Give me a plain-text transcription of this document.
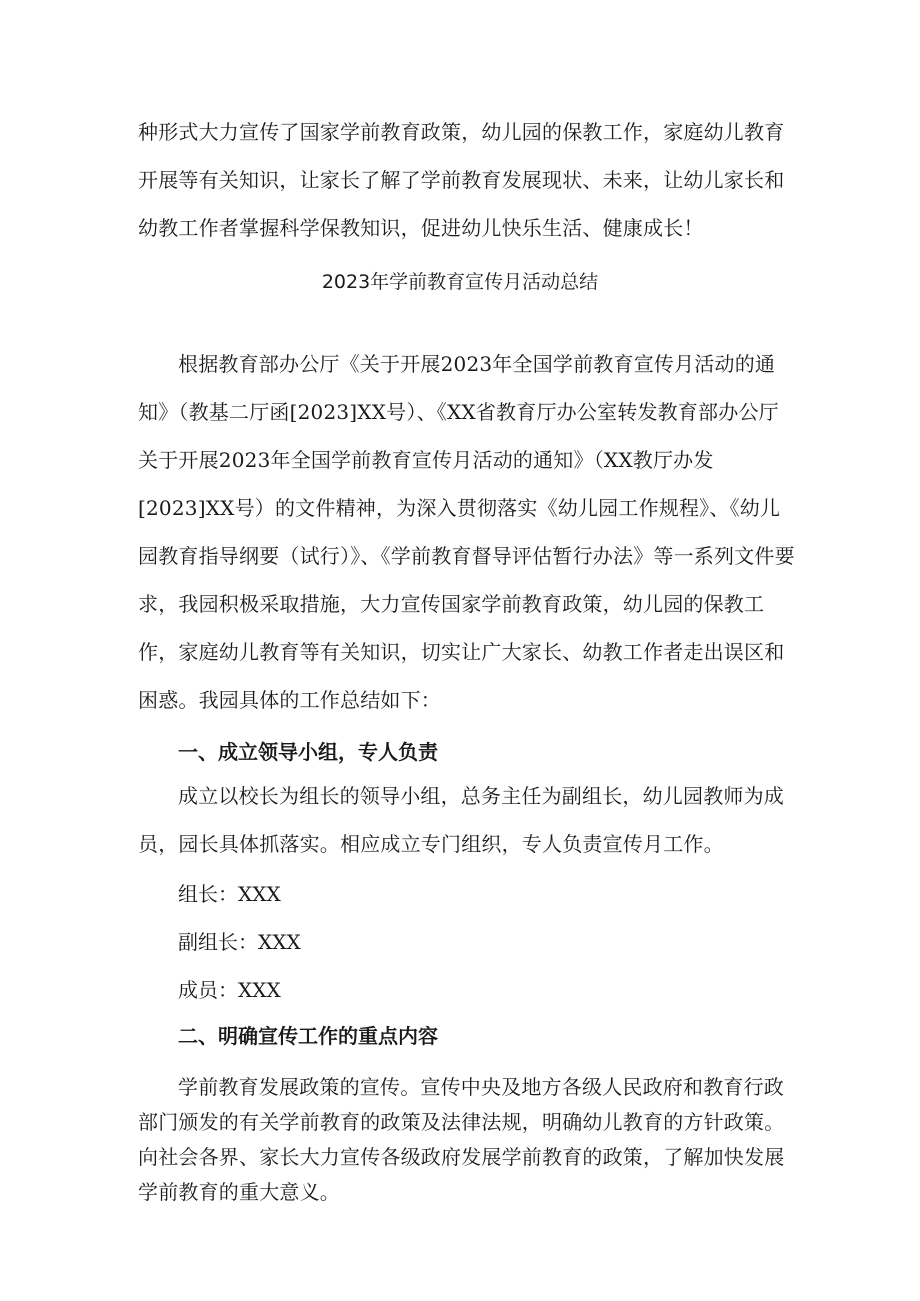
种形式大力宣传了国家学前教育政策，幼儿园的保教工作，家庭幼儿教育开展等有关知识，让家长了解了学前教育发展现状、未来，让幼儿家长和幼教工作者掌握科学保教知识，促进幼儿快乐生活、健康成长！

2023年学前教育宣传月活动总结

根据教育部办公厅《关于开展2023年全国学前教育宣传月活动的通知》（教基二厅函[2023]XX号）、《XX省教育厅办公室转发教育部办公厅关于开展2023年全国学前教育宣传月活动的通知》（XX教厅办发[2023]XX号）的文件精神，为深入贯彻落实《幼儿园工作规程》、《幼儿园教育指导纲要（试行）》、《学前教育督导评估暂行办法》等一系列文件要求，我园积极采取措施，大力宣传国家学前教育政策，幼儿园的保教工作，家庭幼儿教育等有关知识，切实让广大家长、幼教工作者走出误区和困惑。我园具体的工作总结如下：

一、成立领导小组，专人负责

成立以校长为组长的领导小组，总务主任为副组长，幼儿园教师为成员，园长具体抓落实。相应成立专门组织，专人负责宣传月工作。

组长：XXX

副组长：XXX

成员：XXX

二、明确宣传工作的重点内容

学前教育发展政策的宣传。宣传中央及地方各级人民政府和教育行政部门颁发的有关学前教育的政策及法律法规，明确幼儿教育的方针政策。向社会各界、家长大力宣传各级政府发展学前教育的政策，了解加快发展学前教育的重大意义。
